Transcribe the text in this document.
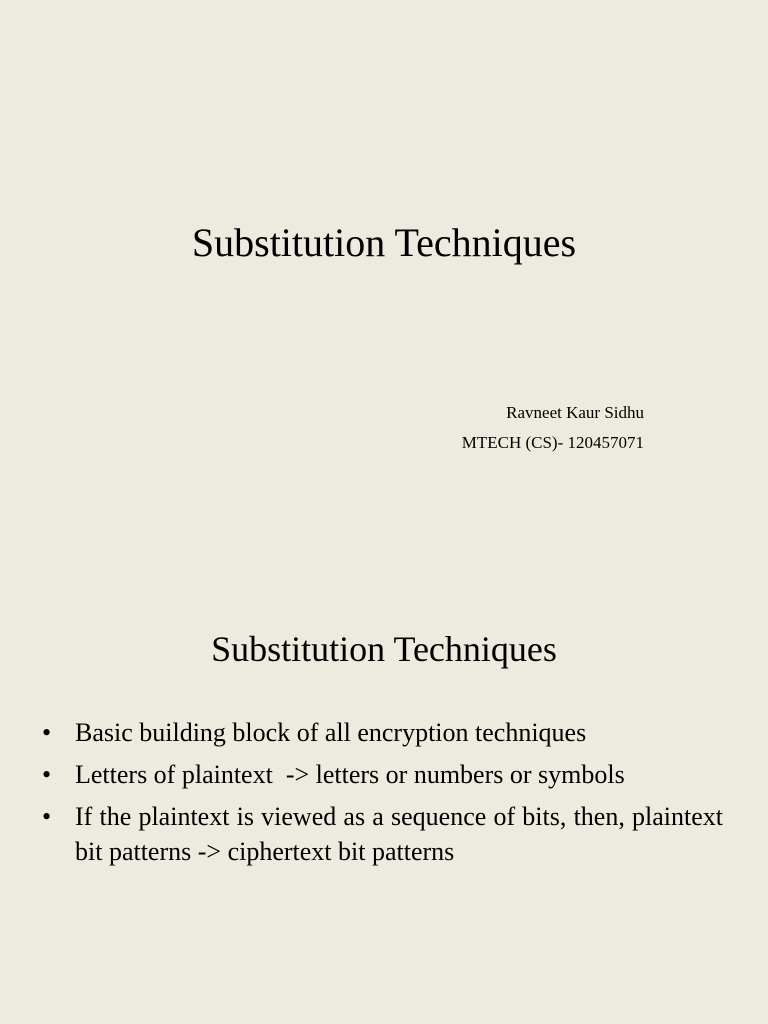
Substitution Techniques
Ravneet Kaur Sidhu
MTECH (CS)- 120457071
Substitution Techniques
• Basic building block of all encryption techniques
• Letters of plaintext  -> letters or numbers or symbols
• If the plaintext is viewed as a sequence of bits, then, plaintext bit patterns -> ciphertext bit patterns
